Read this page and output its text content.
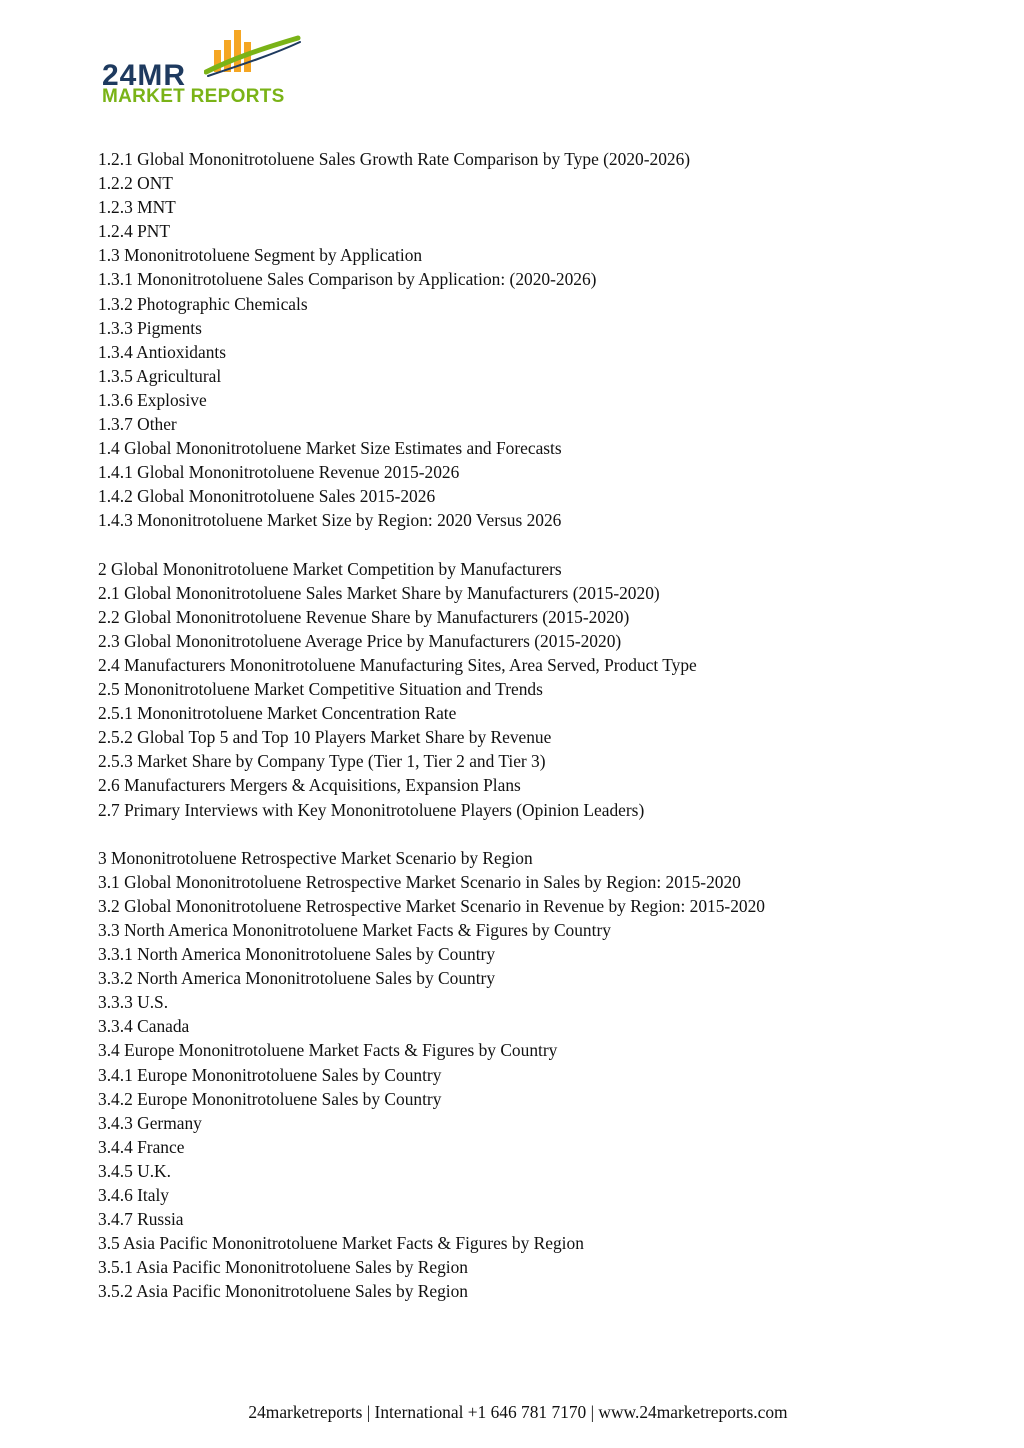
24MR
MARKET REPORTS
1.2.1 Global Mononitrotoluene Sales Growth Rate Comparison by Type (2020-2026)
1.2.2 ONT
1.2.3 MNT
1.2.4 PNT
1.3 Mononitrotoluene Segment by Application
1.3.1 Mononitrotoluene Sales Comparison by Application: (2020-2026)
1.3.2 Photographic Chemicals
1.3.3 Pigments
1.3.4 Antioxidants
1.3.5 Agricultural
1.3.6 Explosive
1.3.7 Other
1.4 Global Mononitrotoluene Market Size Estimates and Forecasts
1.4.1 Global Mononitrotoluene Revenue 2015-2026
1.4.2 Global Mononitrotoluene Sales 2015-2026
1.4.3 Mononitrotoluene Market Size by Region: 2020 Versus 2026
2 Global Mononitrotoluene Market Competition by Manufacturers
2.1 Global Mononitrotoluene Sales Market Share by Manufacturers (2015-2020)
2.2 Global Mononitrotoluene Revenue Share by Manufacturers (2015-2020)
2.3 Global Mononitrotoluene Average Price by Manufacturers (2015-2020)
2.4 Manufacturers Mononitrotoluene Manufacturing Sites, Area Served, Product Type
2.5 Mononitrotoluene Market Competitive Situation and Trends
2.5.1 Mononitrotoluene Market Concentration Rate
2.5.2 Global Top 5 and Top 10 Players Market Share by Revenue
2.5.3 Market Share by Company Type (Tier 1, Tier 2 and Tier 3)
2.6 Manufacturers Mergers & Acquisitions, Expansion Plans
2.7 Primary Interviews with Key Mononitrotoluene Players (Opinion Leaders)
3 Mononitrotoluene Retrospective Market Scenario by Region
3.1 Global Mononitrotoluene Retrospective Market Scenario in Sales by Region: 2015-2020
3.2 Global Mononitrotoluene Retrospective Market Scenario in Revenue by Region: 2015-2020
3.3 North America Mononitrotoluene Market Facts & Figures by Country
3.3.1 North America Mononitrotoluene Sales by Country
3.3.2 North America Mononitrotoluene Sales by Country
3.3.3 U.S.
3.3.4 Canada
3.4 Europe Mononitrotoluene Market Facts & Figures by Country
3.4.1 Europe Mononitrotoluene Sales by Country
3.4.2 Europe Mononitrotoluene Sales by Country
3.4.3 Germany
3.4.4 France
3.4.5 U.K.
3.4.6 Italy
3.4.7 Russia
3.5 Asia Pacific Mononitrotoluene Market Facts & Figures by Region
3.5.1 Asia Pacific Mononitrotoluene Sales by Region
3.5.2 Asia Pacific Mononitrotoluene Sales by Region
24marketreports | International +1 646 781 7170 | www.24marketreports.com
